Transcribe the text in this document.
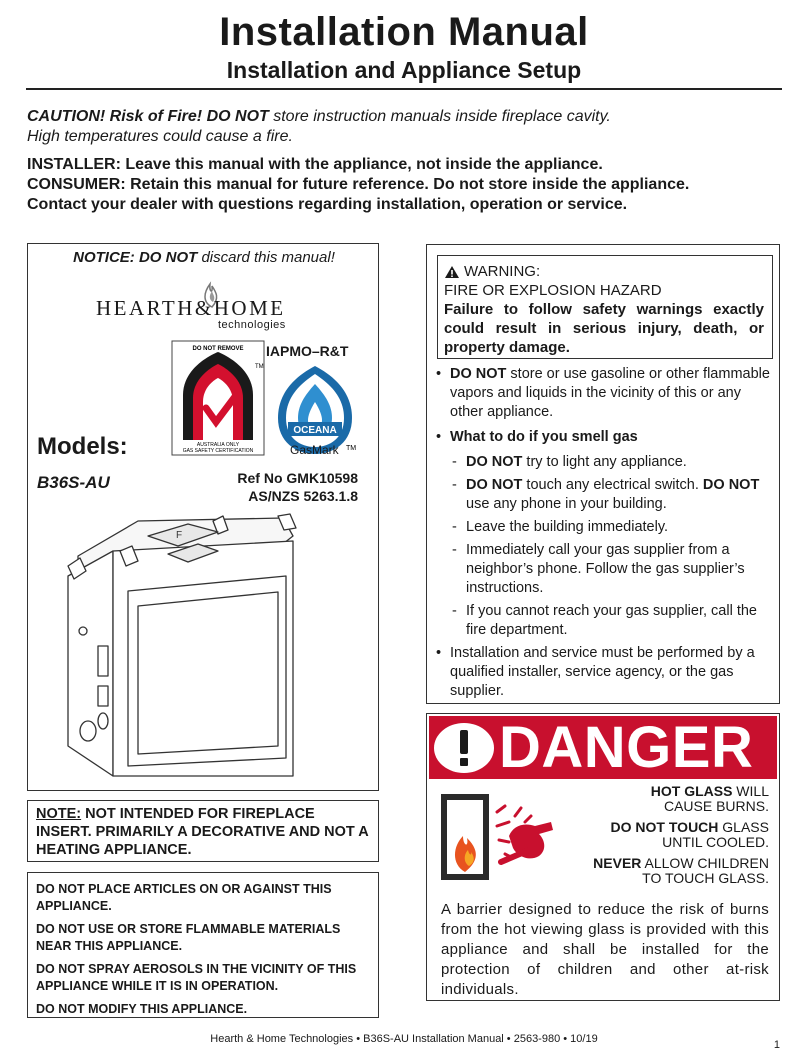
Installation Manual
Installation and Appliance Setup
CAUTION! Risk of Fire! DO NOT store instruction manuals inside fireplace cavity.
High temperatures could cause a fire.
INSTALLER: Leave this manual with the appliance, not inside the appliance.
CONSUMER: Retain this manual for future reference. Do not store inside the appliance.
Contact your dealer with questions regarding installation, operation or service.
NOTICE: DO NOT discard this manual!
HEARTH&HOME
technologies
DO NOT REMOVE
TM
AUSTRALIA ONLY
GAS SAFETY CERTIFICATION
IAPMO–R&T
OCEANA
TM
GasMark
Models:
B36S-AU	Ref No GMK10598
AS/NZS 5263.1.8
F
NOTE: NOT INTENDED FOR FIREPLACE INSERT. PRIMARILY A DECORATIVE AND NOT A HEATING APPLIANCE.

DO NOT PLACE ARTICLES ON OR AGAINST THIS APPLIANCE.

DO NOT USE OR STORE FLAMMABLE MATERIALS NEAR THIS APPLIANCE.

DO NOT SPRAY AEROSOLS IN THE VICINITY OF THIS APPLIANCE WHILE IT IS IN OPERATION.

DO NOT MODIFY THIS APPLIANCE.

WARNING:
FIRE OR EXPLOSION HAZARD
Failure to follow safety warnings exactly could result in serious injury, death, or property damage.
• DO NOT store or use gasoline or other flammable vapors and liquids in the vicinity of this or any other appliance.
• What to do if you smell gas
- DO NOT try to light any appliance.
- DO NOT touch any electrical switch. DO NOT use any phone in your building.
- Leave the building immediately.
- Immediately call your gas supplier from a neighbor’s phone. Follow the gas supplier’s instructions.
- If you cannot reach your gas supplier, call the fire department.
• Installation and service must be performed by a qualified installer, service agency, or the gas supplier.
DANGER
HOT GLASS WILL
CAUSE BURNS.
DO NOT TOUCH GLASS
UNTIL COOLED.
NEVER ALLOW CHILDREN
TO TOUCH GLASS.
A barrier designed to reduce the risk of burns from the hot viewing glass is provided with this appliance and shall be installed for the protection of children and other at-risk individuals.
Hearth & Home Technologies • B36S-AU Installation Manual • 2563-980 • 10/19	1
